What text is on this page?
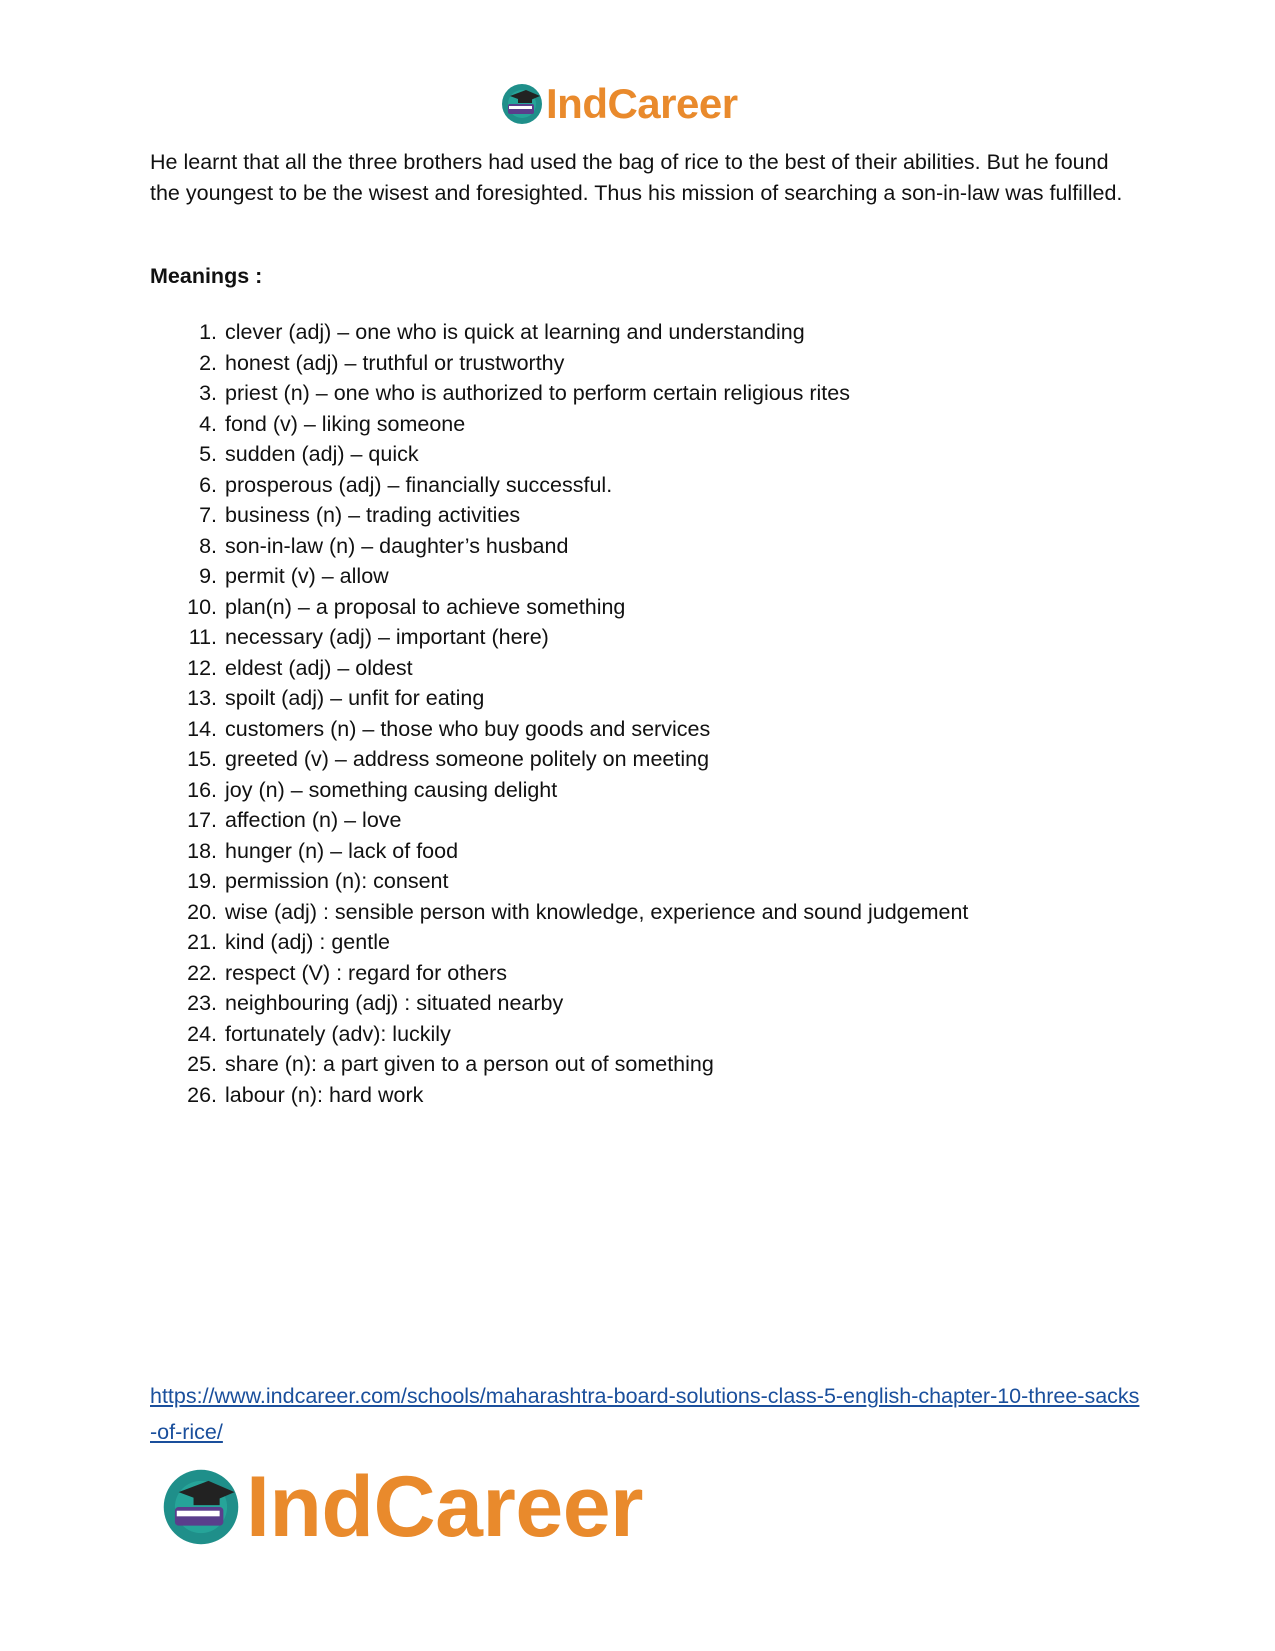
IndCareer

He learnt that all the three brothers had used the bag of rice to the best of their abilities. But he found the youngest to be the wisest and foresighted. Thus his mission of searching a son-in-law was fulfilled.

Meanings :

1. clever (adj) – one who is quick at learning and understanding
2. honest (adj) – truthful or trustworthy
3. priest (n) – one who is authorized to perform certain religious rites
4. fond (v) – liking someone
5. sudden (adj) – quick
6. prosperous (adj) – financially successful.
7. business (n) – trading activities
8. son-in-law (n) – daughter’s husband
9. permit (v) – allow
10. plan(n) – a proposal to achieve something
11. necessary (adj) – important (here)
12. eldest (adj) – oldest
13. spoilt (adj) – unfit for eating
14. customers (n) – those who buy goods and services
15. greeted (v) – address someone politely on meeting
16. joy (n) – something causing delight
17. affection (n) – love
18. hunger (n) – lack of food
19. permission (n): consent
20. wise (adj) : sensible person with knowledge, experience and sound judgement
21. kind (adj) : gentle
22. respect (V) : regard for others
23. neighbouring (adj) : situated nearby
24. fortunately (adv): luckily
25. share (n): a part given to a person out of something
26. labour (n): hard work
https://www.indcareer.com/schools/maharashtra-board-solutions-class-5-english-chapter-10-three-sacks-of-rice/
IndCareer
